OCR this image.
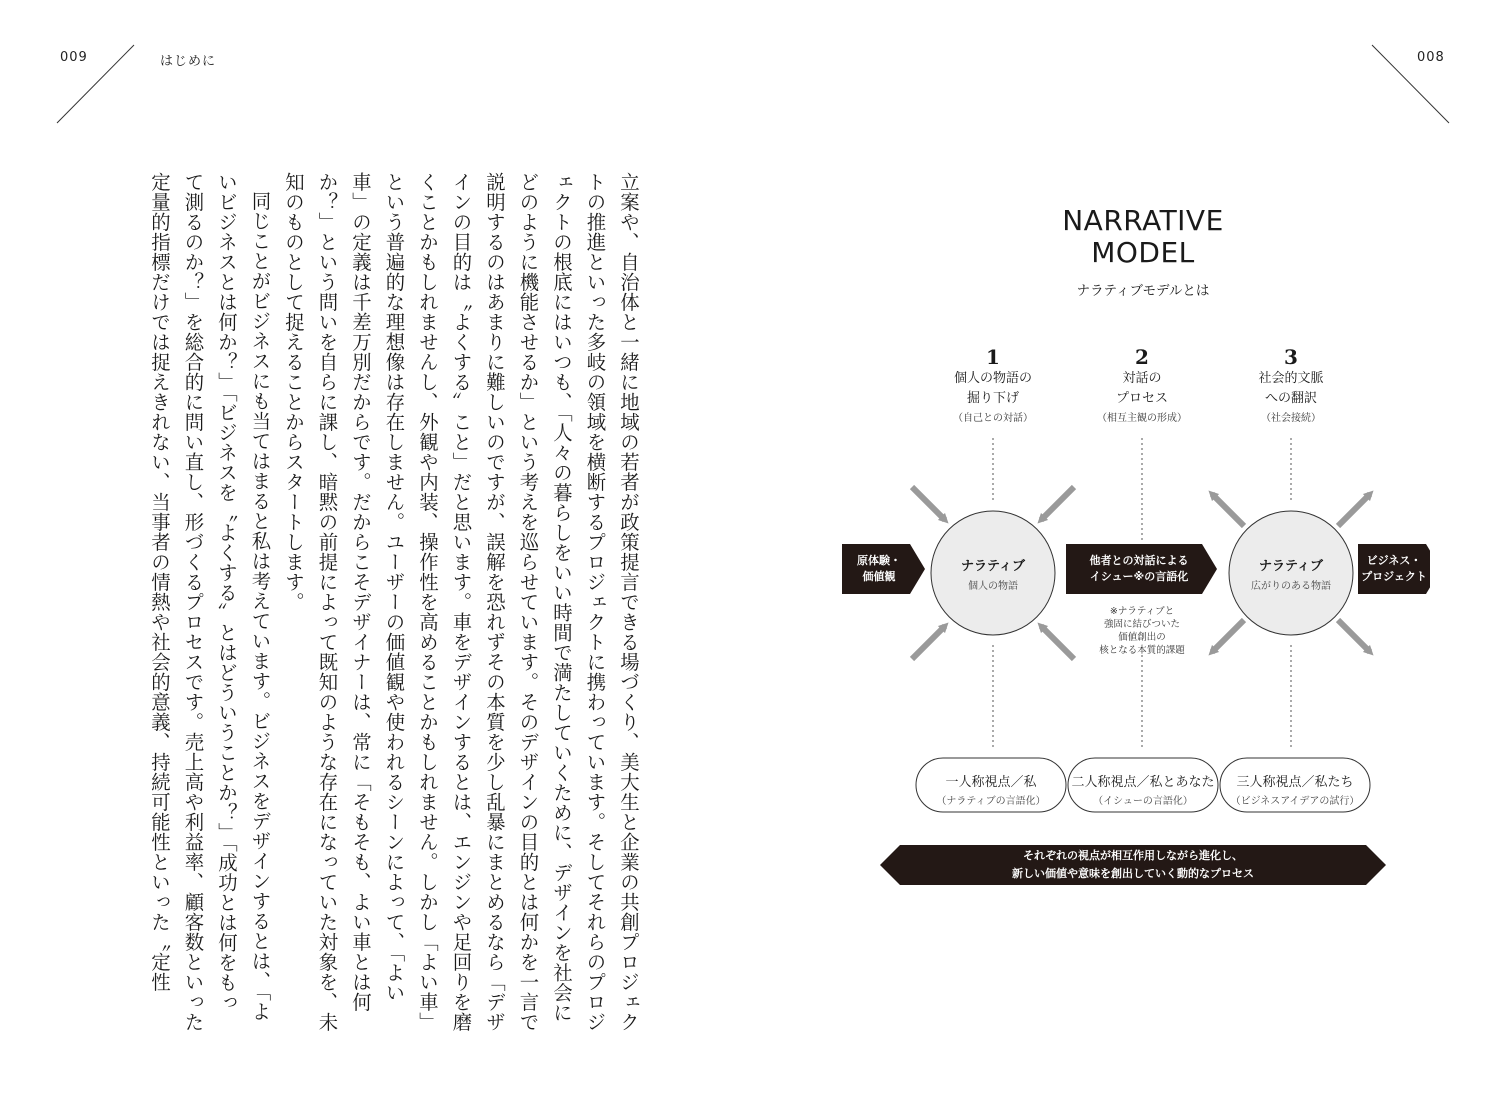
009	はじめに	008

立案や、自治体と一緒に地域の若者が政策提言できる場づくり、美大生と企業の共創プロジェクトの推進といった多岐の領域を横断するプロジェクトに携わっています。そしてそれらのプロジェクトの根底にはいつも、「人々の暮らしをいい時間で満たしていくために、デザインを社会にどのように機能させるか」という考えを巡らせています。そのデザインの目的とは何かを一言で説明するのはあまりに難しいのですが、誤解を恐れずその本質を少し乱暴にまとめるなら「デザインの目的は〝よくする〟こと」だと思います。車をデザインするとは、エンジンや足回りを磨くことかもしれませんし、外観や内装、操作性を高めることかもしれません。しかし「よい車」という普遍的な理想像は存在しません。ユーザーの価値観や使われるシーンによって、「よい車」の定義は千差万別だからです。だからこそデザイナーは、常に「そもそも、よい車とは何か？」という問いを自らに課し、暗黙の前提によって既知のような存在になっていた対象を、未知のものとして捉えることからスタートします。

同じことがビジネスにも当てはまると私は考えています。ビジネスをデザインするとは、「よいビジネスとは何か？」「ビジネスを〝よくする〟とはどういうことか？」「成功とは何をもって測るのか？」を総合的に問い直し、形づくるプロセスです。売上高や利益率、顧客数といった定量的指標だけでは捉えきれない、当事者の情熱や社会的意義、持続可能性といった〝定性	NARRATIVE
MODEL
ナラティブモデルとは
1
個人の物語の
掘り下げ
（自己との対話）
2
対話の
プロセス
（相互主観の形成）
3
社会的文脈
への翻訳
（社会接続）
ナラティブ
個人の物語
ナラティブ
広がりのある物語
原体験・
価値観
他者との対話による
イシュー※の言語化
ビジネス・
プロジェクト
※ナラティブと
強固に結びついた
価値創出の
核となる本質的課題
一人称視点／私
（ナラティブの言語化）
二人称視点／私とあなた
（イシューの言語化）
三人称視点／私たち
（ビジネスアイデアの試行）
それぞれの視点が相互作用しながら進化し、
新しい価値や意味を創出していく動的なプロセス
